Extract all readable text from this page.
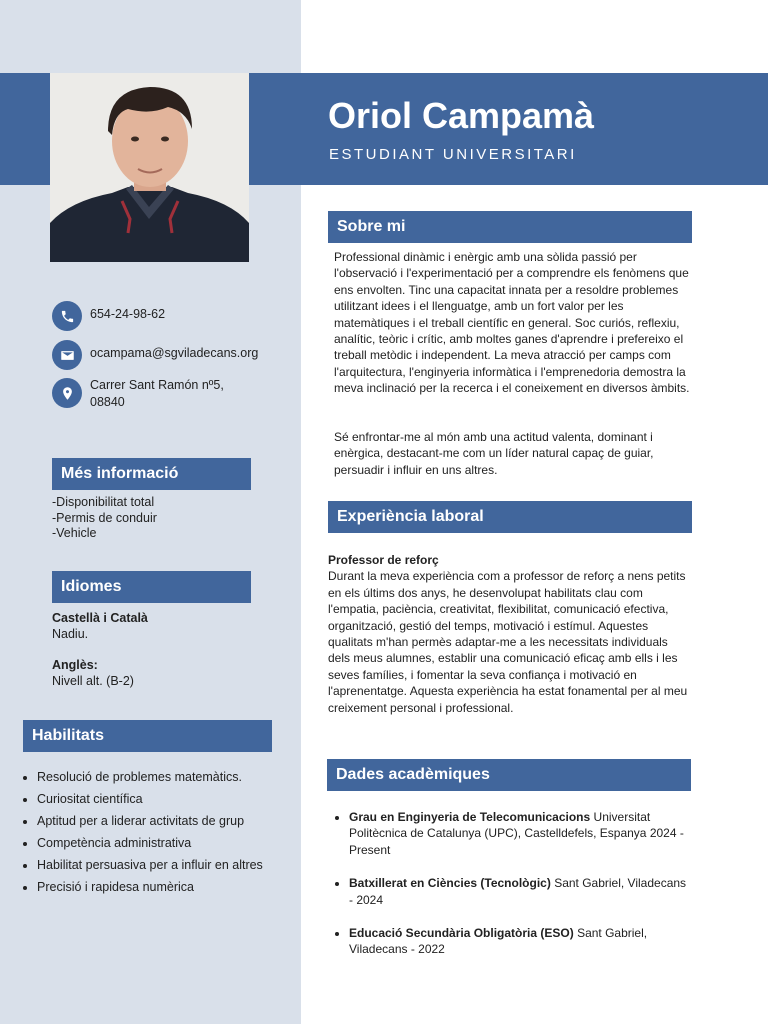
Oriol Campamà
ESTUDIANT UNIVERSITARI
654-24-98-62
ocampama@sgviladecans.org
Carrer Sant Ramón nº5,
08840
Més informació
-Disponibilitat total
-Permis de conduir
-Vehicle
Idiomes
Castellà i Català
Nadiu.
Anglès:
Nivell alt. (B-2)
Habilitats
• Resolució de problemes matemàtics.
• Curiositat científica
• Aptitud per a liderar activitats de grup
• Competència administrativa
• Habilitat persuasiva per a influir en altres
• Precisió i rapidesa numèrica
Sobre mi
Professional dinàmic i enèrgic amb una sòlida passió per l'observació i l'experimentació per a comprendre els fenòmens que ens envolten. Tinc una capacitat innata per a resoldre problemes utilitzant idees i el llenguatge, amb un fort valor per les matemàtiques i el treball científic en general. Soc curiós, reflexiu, analític, teòric i crític, amb moltes ganes d'aprendre i prefereixo el treball metòdic i independent. La meva atracció per camps com l'arquitectura, l'enginyeria informàtica i l'emprenedoria demostra la meva inclinació per la recerca i el coneixement en diversos àmbits.
Sé enfrontar-me al món amb una actitud valenta, dominant i enèrgica, destacant-me com un líder natural capaç de guiar, persuadir i influir en uns altres.
Experiència laboral
Professor de reforç
Durant la meva experiència com a professor de reforç a nens petits en els últims dos anys, he desenvolupat habilitats clau com l'empatia, paciència, creativitat, flexibilitat, comunicació efectiva, organització, gestió del temps, motivació i estímul. Aquestes qualitats m'han permès adaptar-me a les necessitats individuals dels meus alumnes, establir una comunicació eficaç amb ells i les seves famílies, i fomentar la seva confiança i motivació en l'aprenentatge. Aquesta experiència ha estat fonamental per al meu creixement personal i professional.
Dades acadèmiques
• Grau en Enginyeria de Telecomunicacions Universitat Politècnica de Catalunya (UPC), Castelldefels, Espanya 2024 - Present
• Batxillerat en Ciències (Tecnològic) Sant Gabriel, Viladecans - 2024
• Educació Secundària Obligatòria (ESO) Sant Gabriel, Viladecans - 2022
